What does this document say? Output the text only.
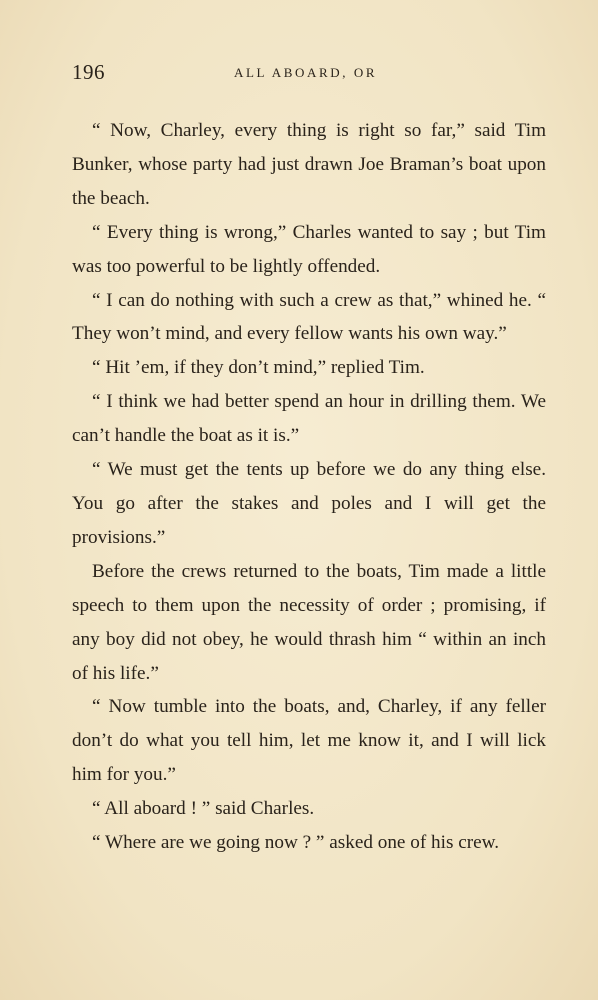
196	ALL ABOARD, OR

“ Now, Charley, every thing is right so far,” said Tim Bunker, whose party had just drawn Joe Braman’s boat upon the beach.

“ Every thing is wrong,” Charles wanted to say ; but Tim was too powerful to be lightly offended.

“ I can do nothing with such a crew as that,” whined he. “ They won’t mind, and every fellow wants his own way.”

“ Hit ’em, if they don’t mind,” replied Tim.

“ I think we had better spend an hour in drilling them. We can’t handle the boat as it is.”

“ We must get the tents up before we do any thing else. You go after the stakes and poles and I will get the provisions.”

Before the crews returned to the boats, Tim made a little speech to them upon the necessity of order ; promising, if any boy did not obey, he would thrash him “ within an inch of his life.”

“ Now tumble into the boats, and, Charley, if any feller don’t do what you tell him, let me know it, and I will lick him for you.”

“ All aboard ! ” said Charles.

“ Where are we going now ? ” asked one of his crew.
